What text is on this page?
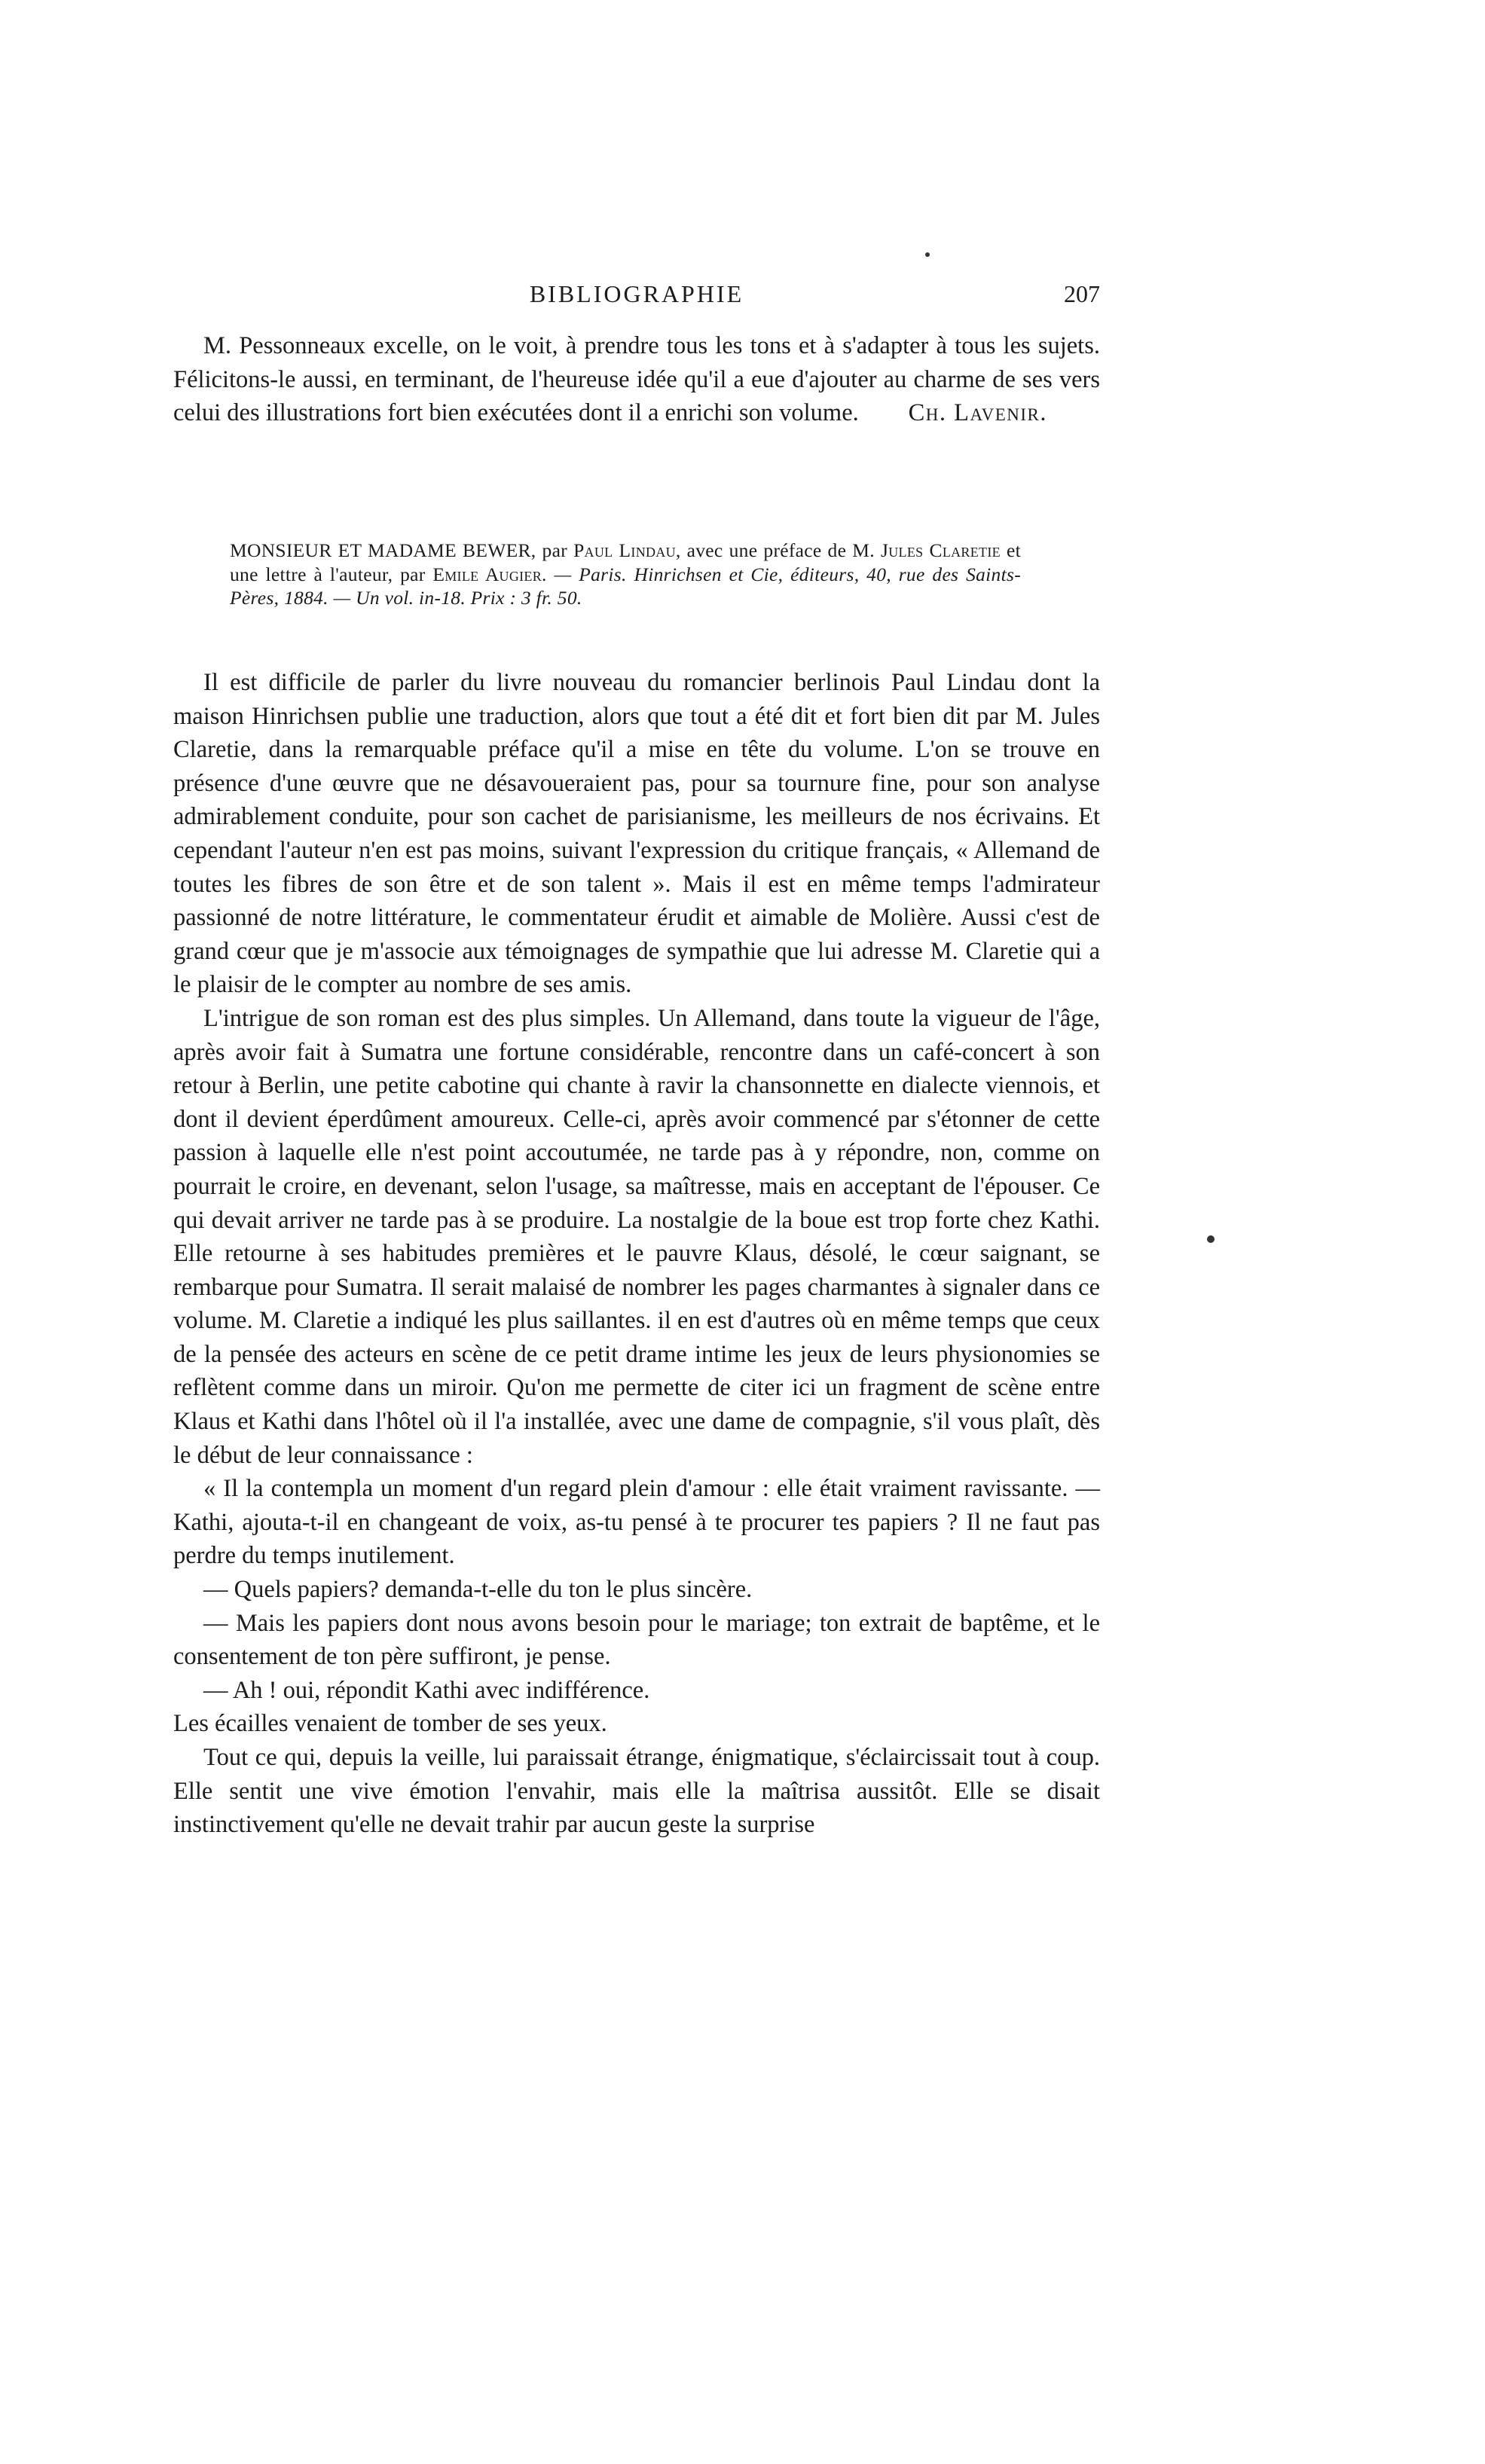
BIBLIOGRAPHIE	207

M. Pessonneaux excelle, on le voit, à prendre tous les tons et à s'adapter à tous les sujets. Félicitons-le aussi, en terminant, de l'heureuse idée qu'il a eue d'ajouter au charme de ses vers celui des illustrations fort bien exécutées dont il a enrichi son volume.	Ch. Lavenir.

MONSIEUR ET MADAME BEWER, par Paul Lindau, avec une préface de M. Jules Claretie et une lettre à l'auteur, par Emile Augier. — Paris. Hinrichsen et Cie, éditeurs, 40, rue des Saints-Pères, 1884. — Un vol. in-18. Prix : 3 fr. 50.

Il est difficile de parler du livre nouveau du romancier berlinois Paul Lindau dont la maison Hinrichsen publie une traduction, alors que tout a été dit et fort bien dit par M. Jules Claretie, dans la remarquable préface qu'il a mise en tête du volume. L'on se trouve en présence d'une œuvre que ne désavoueraient pas, pour sa tournure fine, pour son analyse admirablement conduite, pour son cachet de parisianisme, les meilleurs de nos écrivains. Et cependant l'auteur n'en est pas moins, suivant l'expression du critique français, « Allemand de toutes les fibres de son être et de son talent ». Mais il est en même temps l'admirateur passionné de notre littérature, le commentateur érudit et aimable de Molière. Aussi c'est de grand cœur que je m'associe aux témoignages de sympathie que lui adresse M. Claretie qui a le plaisir de le compter au nombre de ses amis.

L'intrigue de son roman est des plus simples. Un Allemand, dans toute la vigueur de l'âge, après avoir fait à Sumatra une fortune considérable, rencontre dans un café-concert à son retour à Berlin, une petite cabotine qui chante à ravir la chansonnette en dialecte viennois, et dont il devient éperdûment amoureux. Celle-ci, après avoir commencé par s'étonner de cette passion à laquelle elle n'est point accoutumée, ne tarde pas à y répondre, non, comme on pourrait le croire, en devenant, selon l'usage, sa maîtresse, mais en acceptant de l'épouser. Ce qui devait arriver ne tarde pas à se produire. La nostalgie de la boue est trop forte chez Kathi. Elle retourne à ses habitudes premières et le pauvre Klaus, désolé, le cœur saignant, se rembarque pour Sumatra. Il serait malaisé de nombrer les pages charmantes à signaler dans ce volume. M. Claretie a indiqué les plus saillantes. il en est d'autres où en même temps que ceux de la pensée des acteurs en scène de ce petit drame intime les jeux de leurs physionomies se reflètent comme dans un miroir. Qu'on me permette de citer ici un fragment de scène entre Klaus et Kathi dans l'hôtel où il l'a installée, avec une dame de compagnie, s'il vous plaît, dès le début de leur connaissance :

« Il la contempla un moment d'un regard plein d'amour : elle était vraiment ravissante. — Kathi, ajouta-t-il en changeant de voix, as-tu pensé à te procurer tes papiers ? Il ne faut pas perdre du temps inutilement.

— Quels papiers? demanda-t-elle du ton le plus sincère.

— Mais les papiers dont nous avons besoin pour le mariage; ton extrait de baptême, et le consentement de ton père suffiront, je pense.

— Ah ! oui, répondit Kathi avec indifférence.

Les écailles venaient de tomber de ses yeux.

Tout ce qui, depuis la veille, lui paraissait étrange, énigmatique, s'éclaircissait tout à coup. Elle sentit une vive émotion l'envahir, mais elle la maîtrisa aussitôt. Elle se disait instinctivement qu'elle ne devait trahir par aucun geste la surprise
